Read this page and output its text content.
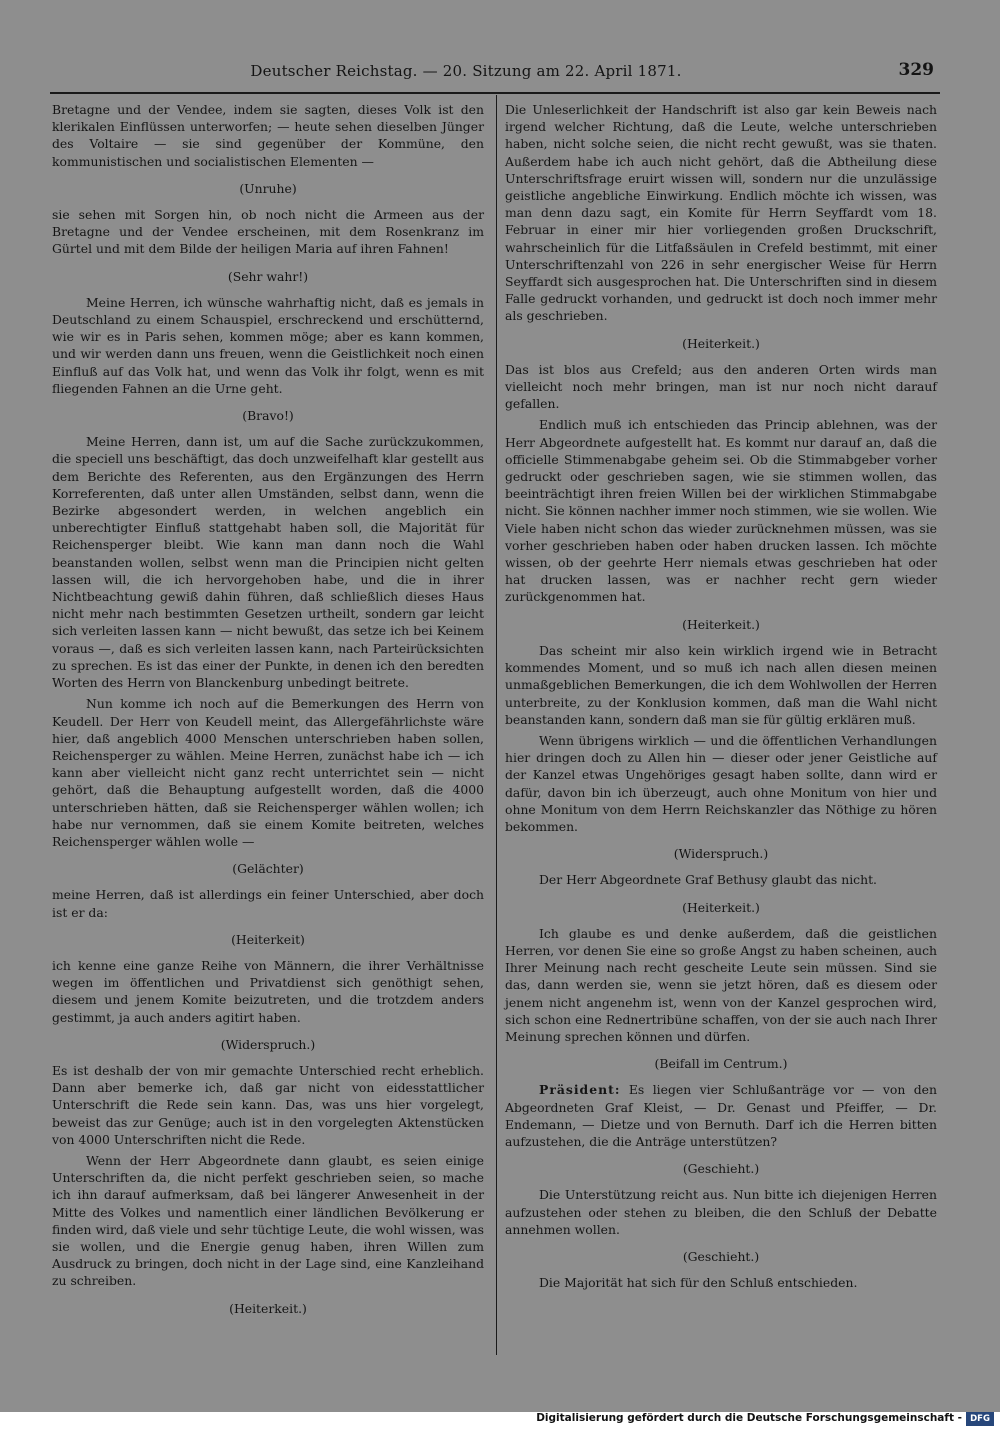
Deutscher Reichstag. — 20. Sitzung am 22. April 1871.	329

Bretagne und der Vendee, indem sie sagten, dieses Volk ist den klerikalen Einflüssen unterworfen; — heute sehen dieselben Jünger des Voltaire — sie sind gegenüber der Kommüne, den kommunistischen und socialistischen Elementen —

(Unruhe)

sie sehen mit Sorgen hin, ob noch nicht die Armeen aus der Bretagne und der Vendee erscheinen, mit dem Rosenkranz im Gürtel und mit dem Bilde der heiligen Maria auf ihren Fahnen!

(Sehr wahr!)

Meine Herren, ich wünsche wahrhaftig nicht, daß es jemals in Deutschland zu einem Schauspiel, erschreckend und erschütternd, wie wir es in Paris sehen, kommen möge; aber es kann kommen, und wir werden dann uns freuen, wenn die Geistlichkeit noch einen Einfluß auf das Volk hat, und wenn das Volk ihr folgt, wenn es mit fliegenden Fahnen an die Urne geht.

(Bravo!)

Meine Herren, dann ist, um auf die Sache zurückzukommen, die speciell uns beschäftigt, das doch unzweifelhaft klar gestellt aus dem Berichte des Referenten, aus den Ergänzungen des Herrn Korreferenten, daß unter allen Umständen, selbst dann, wenn die Bezirke abgesondert werden, in welchen angeblich ein unberechtigter Einfluß stattgehabt haben soll, die Majorität für Reichensperger bleibt. Wie kann man dann noch die Wahl beanstanden wollen, selbst wenn man die Principien nicht gelten lassen will, die ich hervorgehoben habe, und die in ihrer Nichtbeachtung gewiß dahin führen, daß schließlich dieses Haus nicht mehr nach bestimmten Gesetzen urtheilt, sondern gar leicht sich verleiten lassen kann — nicht bewußt, das setze ich bei Keinem voraus —, daß es sich verleiten lassen kann, nach Parteirücksichten zu sprechen. Es ist das einer der Punkte, in denen ich den beredten Worten des Herrn von Blanckenburg unbedingt beitrete.

Nun komme ich noch auf die Bemerkungen des Herrn von Keudell. Der Herr von Keudell meint, das Allergefährlichste wäre hier, daß angeblich 4000 Menschen unterschrieben haben sollen, Reichensperger zu wählen. Meine Herren, zunächst habe ich — ich kann aber vielleicht nicht ganz recht unterrichtet sein — nicht gehört, daß die Behauptung aufgestellt worden, daß die 4000 unterschrieben hätten, daß sie Reichensperger wählen wollen; ich habe nur vernommen, daß sie einem Komite beitreten, welches Reichensperger wählen wolle —

(Gelächter)

meine Herren, daß ist allerdings ein feiner Unterschied, aber doch ist er da:

(Heiterkeit)

ich kenne eine ganze Reihe von Männern, die ihrer Verhältnisse wegen im öffentlichen und Privatdienst sich genöthigt sehen, diesem und jenem Komite beizutreten, und die trotzdem anders gestimmt, ja auch anders agitirt haben.

(Widerspruch.)

Es ist deshalb der von mir gemachte Unterschied recht erheblich. Dann aber bemerke ich, daß gar nicht von eidesstattlicher Unterschrift die Rede sein kann. Das, was uns hier vorgelegt, beweist das zur Genüge; auch ist in den vorgelegten Aktenstücken von 4000 Unterschriften nicht die Rede.

Wenn der Herr Abgeordnete dann glaubt, es seien einige Unterschriften da, die nicht perfekt geschrieben seien, so mache ich ihn darauf aufmerksam, daß bei längerer Anwesenheit in der Mitte des Volkes und namentlich einer ländlichen Bevölkerung er finden wird, daß viele und sehr tüchtige Leute, die wohl wissen, was sie wollen, und die Energie genug haben, ihren Willen zum Ausdruck zu bringen, doch nicht in der Lage sind, eine Kanzleihand zu schreiben.

(Heiterkeit.)

Die Unleserlichkeit der Handschrift ist also gar kein Beweis nach irgend welcher Richtung, daß die Leute, welche unterschrieben haben, nicht solche seien, die nicht recht gewußt, was sie thaten. Außerdem habe ich auch nicht gehört, daß die Abtheilung diese Unterschriftsfrage eruirt wissen will, sondern nur die unzulässige geistliche angebliche Einwirkung. Endlich möchte ich wissen, was man denn dazu sagt, ein Komite für Herrn Seyffardt vom 18. Februar in einer mir hier vorliegenden großen Druckschrift, wahrscheinlich für die Litfaßsäulen in Crefeld bestimmt, mit einer Unterschriftenzahl von 226 in sehr energischer Weise für Herrn Seyffardt sich ausgesprochen hat. Die Unterschriften sind in diesem Falle gedruckt vorhanden, und gedruckt ist doch noch immer mehr als geschrieben.

(Heiterkeit.)

Das ist blos aus Crefeld; aus den anderen Orten wirds man vielleicht noch mehr bringen, man ist nur noch nicht darauf gefallen.

Endlich muß ich entschieden das Princip ablehnen, was der Herr Abgeordnete aufgestellt hat. Es kommt nur darauf an, daß die officielle Stimmenabgabe geheim sei. Ob die Stimmabgeber vorher gedruckt oder geschrieben sagen, wie sie stimmen wollen, das beeinträchtigt ihren freien Willen bei der wirklichen Stimmabgabe nicht. Sie können nachher immer noch stimmen, wie sie wollen. Wie Viele haben nicht schon das wieder zurücknehmen müssen, was sie vorher geschrieben haben oder haben drucken lassen. Ich möchte wissen, ob der geehrte Herr niemals etwas geschrieben hat oder hat drucken lassen, was er nachher recht gern wieder zurückgenommen hat.

(Heiterkeit.)

Das scheint mir also kein wirklich irgend wie in Betracht kommendes Moment, und so muß ich nach allen diesen meinen unmaßgeblichen Bemerkungen, die ich dem Wohlwollen der Herren unterbreite, zu der Konklusion kommen, daß man die Wahl nicht beanstanden kann, sondern daß man sie für gültig erklären muß.

Wenn übrigens wirklich — und die öffentlichen Verhandlungen hier dringen doch zu Allen hin — dieser oder jener Geistliche auf der Kanzel etwas Ungehöriges gesagt haben sollte, dann wird er dafür, davon bin ich überzeugt, auch ohne Monitum von hier und ohne Monitum von dem Herrn Reichskanzler das Nöthige zu hören bekommen.

(Widerspruch.)

Der Herr Abgeordnete Graf Bethusy glaubt das nicht.

(Heiterkeit.)

Ich glaube es und denke außerdem, daß die geistlichen Herren, vor denen Sie eine so große Angst zu haben scheinen, auch Ihrer Meinung nach recht gescheite Leute sein müssen. Sind sie das, dann werden sie, wenn sie jetzt hören, daß es diesem oder jenem nicht angenehm ist, wenn von der Kanzel gesprochen wird, sich schon eine Rednertribüne schaffen, von der sie auch nach Ihrer Meinung sprechen können und dürfen.

(Beifall im Centrum.)

Präsident: Es liegen vier Schlußanträge vor — von den Abgeordneten Graf Kleist, — Dr. Genast und Pfeiffer, — Dr. Endemann, — Dietze und von Bernuth. Darf ich die Herren bitten aufzustehen, die die Anträge unterstützen?

(Geschieht.)

Die Unterstützung reicht aus. Nun bitte ich diejenigen Herren aufzustehen oder stehen zu bleiben, die den Schluß der Debatte annehmen wollen.

(Geschieht.)

Die Majorität hat sich für den Schluß entschieden.

Digitalisierung gefördert durch die Deutsche Forschungsgemeinschaft - DFG
